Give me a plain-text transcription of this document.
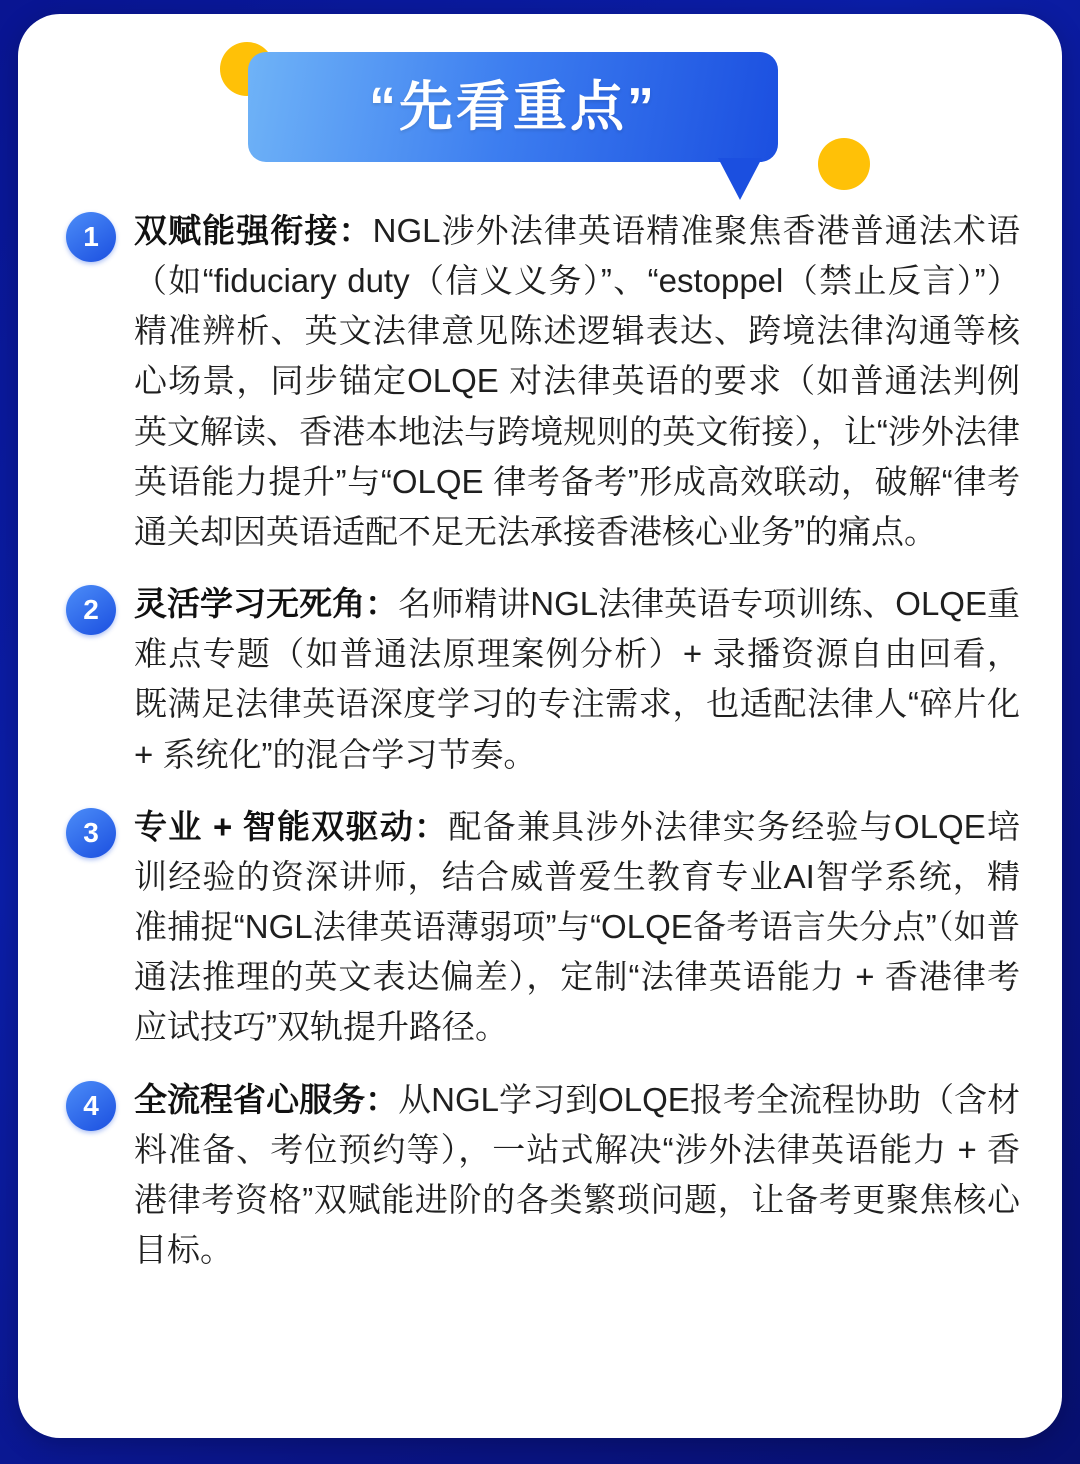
“先看重点”
1	双赋能强衔接：NGL涉外法律英语精准聚焦香港普通法术语（如“fiduciary duty（信义义务）”、“estoppel（禁止反言）”）精准辨析、英文法律意见陈述逻辑表达、跨境法律沟通等核心场景，同步锚定OLQE 对法律英语的要求（如普通法判例英文解读、香港本地法与跨境规则的英文衔接），让“涉外法律英语能力提升”与“OLQE 律考备考”形成高效联动，破解“律考通关却因英语适配不足无法承接香港核心业务”的痛点。
2	灵活学习无死角：名师精讲NGL法律英语专项训练、OLQE重难点专题（如普通法原理案例分析）+ 录播资源自由回看，既满足法律英语深度学习的专注需求，也适配法律人“碎片化 + 系统化”的混合学习节奏。
3	专业 + 智能双驱动：配备兼具涉外法律实务经验与OLQE培训经验的资深讲师，结合威普爱生教育专业AI智学系统，精准捕捉“NGL法律英语薄弱项”与“OLQE备考语言失分点”（如普通法推理的英文表达偏差），定制“法律英语能力 + 香港律考应试技巧”双轨提升路径。
4	全流程省心服务：从NGL学习到OLQE报考全流程协助（含材料准备、考位预约等），一站式解决“涉外法律英语能力 + 香港律考资格”双赋能进阶的各类繁琐问题，让备考更聚焦核心目标。
